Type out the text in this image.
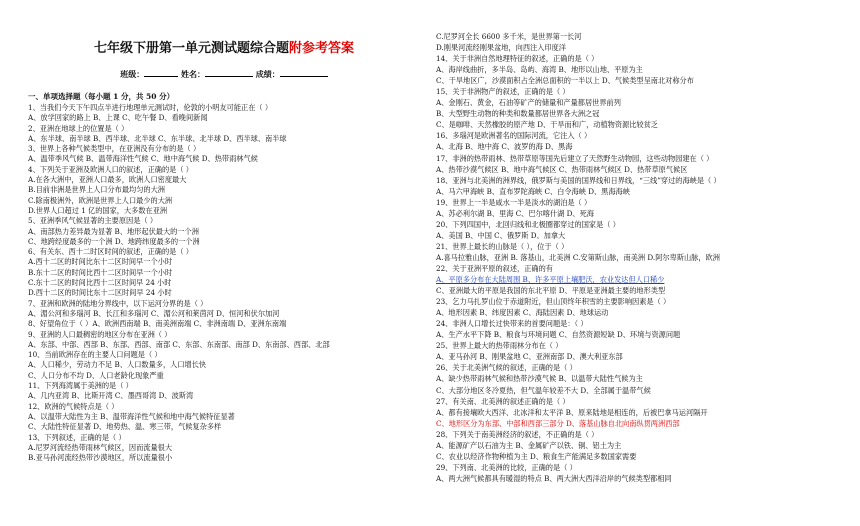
七年级下册第一单元测试题综合题附参考答案
班级：	姓名：	成绩：
一、单项选择题（每小题 1 分，共 50 分）
1、当我们今天下午四点半进行地理单元测试时，伦敦的小明友可能正在（ ）
A、放学回家的路上 B、上课 C、吃午餐 D、看晚间新闻
2、亚洲在地球上的位置是（ ）
A、东半球、南半球 B、西半球、北半球 C、东半球、北半球 D、西半球、南半球
3、世界上各种气候类型中，在亚洲没有分布的是（ ）
A、温带季风气候 B、温带海洋性气候 C、地中海气候 D、热带雨林气候
4、下列关于亚洲及欧洲人口的叙述，正确的是（ ）
A.在各大洲中，亚洲人口最多，欧洲人口密度最大
B.目前非洲是世界上人口分布最均匀的大洲
C.除南极洲外，欧洲是世界上人口最少的大洲
D.世界人口超过 1 亿的国家，大多数在亚洲
5、亚洲季风气候显著的主要原因是（ ）
A、南部热力差异最为显著 B、地形起伏最大的一个洲
C、地跨经度最多的一个洲 D、地跨纬度最多的一个洲
6、有关东、西十二时区时间的叙述，正确的是（ ）
A.西十二区的时间比东十二区时间早一个小时
B.东十二区的时间比西十二区时间早一个小时
C.东十二区的时间比西十二区时间早 24 小时
D.西十二区的时间比东十二区时间早 24 小时
7、亚洲和欧洲的陆地分界线中，以下运河分界的是（ ）
A、湄公河和多瑙河 B、长江和多瑙河 C、湄公河和莱茵河 D、恒河和伏尔加河
8、好望角位于（ ）A、欧洲西南端 B、南美洲南端 C、非洲南端 D、亚洲东南端
9、亚洲的人口最稠密的地区分布在亚洲（ ）
A、东部、中部、西部 B、东部、西部、南部 C、东部、东南部、南部 D、东南部、西部、北部
10、当前欧洲存在的主要人口问题是（ ）
A、人口稀少，劳动力不足 B、人口数量多，人口增长快
C、人口分布不均 D、人口老龄化现象严重
11、下列海湾属于美洲的是（ ）
A、几内亚湾 B、比斯开湾 C、墨西哥湾 D、波斯湾
12、欧洲的气候特点是（ ）
A、以温带大陆性为主 B、温带海洋性气候和地中海气候特征显著
C、大陆性特征显著 D、地势热、温、寒三带，气候复杂多样
13、下列叙述，正确的是（ ）
A.尼罗河流经热带雨林气候区，因而流量很大
B.亚马孙河流经热带沙漠地区，所以流量很小
C.尼罗河全长 6600 多千米，是世界第一长河
D.刚果河流经刚果盆地，向西注入印度洋
14、关于非洲自然地理特征的叙述，正确的是（ ）
A、海岸线曲折，多半岛、岛屿、海湾 B、地形以山地、平原为主
C、干旱地区广，沙漠面积占全洲总面积的一半以上 D、气候类型呈南北对称分布
15、关于非洲物产的叙述，正确的是（ ）
A、金刚石、黄金，石油等矿产的储量和产量都居世界前列
B、大型野生动物的种类和数量都居世界各大洲之冠
C、是咖啡、天然橡胶的原产地 D、干旱而和广，动植物资源比较贫乏
16、多瑙河是欧洲著名的国际河流，它注入（ ）
A、北海 B、地中海 C、波罗的海 D、黑海
17、非洲的热带雨林、热带草原等国先后建立了天然野生动物园，这些动物园建在（ ）
A、热带沙漠气候区 B、地中海气候区 C、热带雨林气候区 D、热带草原气候区
18、亚洲与北美洲的洲界线，俄罗斯与美国的国界线和日界线，“三线”穿过的海峡是（ ）
A、马六甲海峡 B、直布罗陀海峡 C、白令海峡 D、黑海海峡
19、世界上一半是咸水一半是淡水的湖泊是（ ）
A、苏必利尔湖 B、里海 C、巴尔喀什湖 D、死海
20、下列四国中，北回归线和北极圈都穿过的国家是（ ）
A、美国 B、中国 C、俄罗斯 D、加拿大
21、世界上最长的山脉是（ ），位于（ ）
A.喜马拉雅山脉，亚洲 B. 落基山，北美洲 C.安第斯山脉，南美洲 D.阿尔卑斯山脉，欧洲
22、关于亚洲平原的叙述，正确的有
A、平原多分布在大陆周围 B、许多平原上壤肥沃，农业发达但人口稀少
C、亚洲最大的平原是我国的东北平原 D、平原是亚洲最主要的地形类型
23、乞力马扎罗山位于赤道附近，但山顶终年积雪的主要影响因素是（ ）
A、地形因素 B、纬度因素 C、海陆因素 D、地球运动
24、非洲人口增长过快带来的首要问题是：（ ）
A、生产水平下降 B、粮食与环境问题 C、自然资源短缺 D、环境与资源问题
25、世界上最大的热带雨林分布在（ ）
A、亚马孙河 B、刚果盆地 C、亚洲南部 D、澳大利亚东部
26、关于北美洲气候的叙述，正确的是（ ）
A、缺少热带雨林气候和热带沙漠气候 B、以温带大陆性气候为主
C、大部分地区冬冷夏热，但气温年较差不大 D、全部属于温带气候
27、有关南、北美洲的叙述正确的是（ ）
A、都有接壤欧大西洋、北冰洋和太平洋 B、原来陆地是相连的，后被巴拿马运河隔开
C、地形区分为东部、中部和西部三部分 D、落基山脉自北向南纵贯两洲西部
28、下列关于南美洲经济的叙述，不正确的是（ ）
A、能源矿产以石油为主 B、金属矿产以铁、铜、铝土为主
C、农业以经济作物种植为主 D、粮食生产能满足多数国家需要
29、下列南、北美洲的比较，正确的是（ ）
A、两大洲气候都具有暖湿的特点 B、两大洲大西洋沿岸的气候类型都相同
